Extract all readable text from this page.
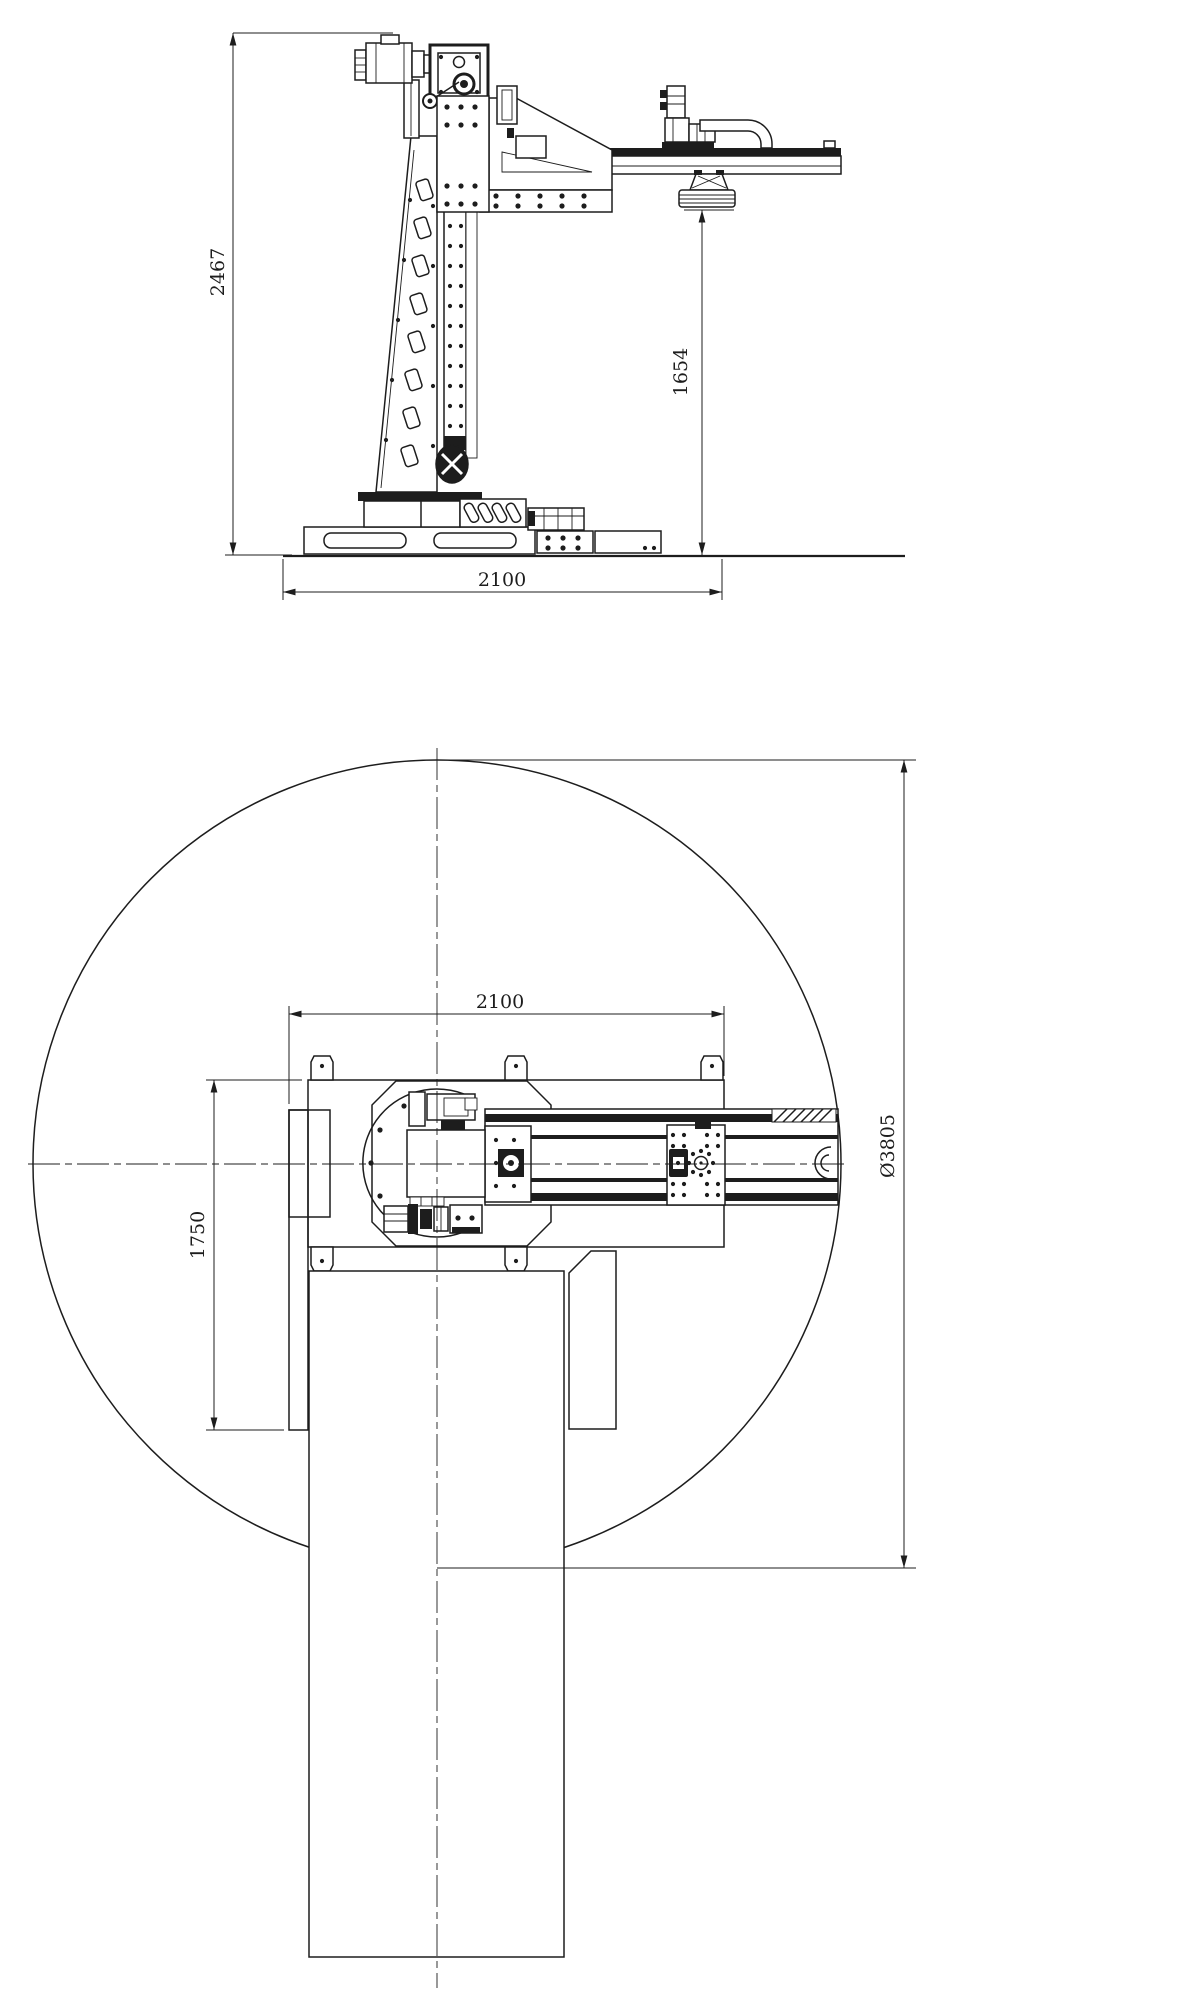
2467
1654
2100
2100
1750
Ø3805
